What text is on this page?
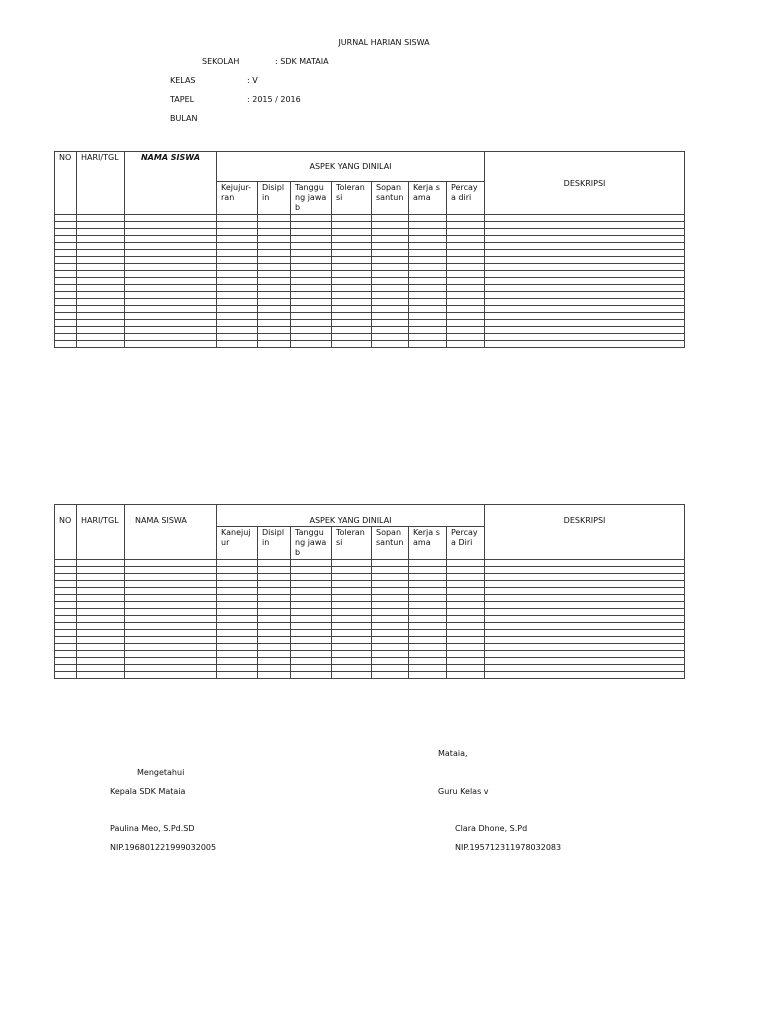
JURNAL HARIAN SISWA
SEKOLAH	: SDK MATAIA
KELAS	: V
TAPEL	: 2015 / 2016
BULAN
NO	HARI/TGL	NAMA SISWA	ASPEK YANG DINILAI							DESKRIPSI
			Kejujur-ran	Disiplin	Tanggung jawab	Toleransi	Sopan santun	Kerja sama	Percaya diri	

NO	HARI/TGL	NAMA SISWA	ASPEK YANG DINILAI							DESKRIPSI
			Kanejujur	Disiplin	Tanggung jawab	Toleransi	Sopan santun	Kerja sama	Percaya Diri	

Mataia,
Mengetahui
Kepala SDK Mataia	Guru Kelas v
Paulina Meo, S.Pd.SD	Clara Dhone, S.Pd
NIP.196801221999032005	NIP.195712311978032083
